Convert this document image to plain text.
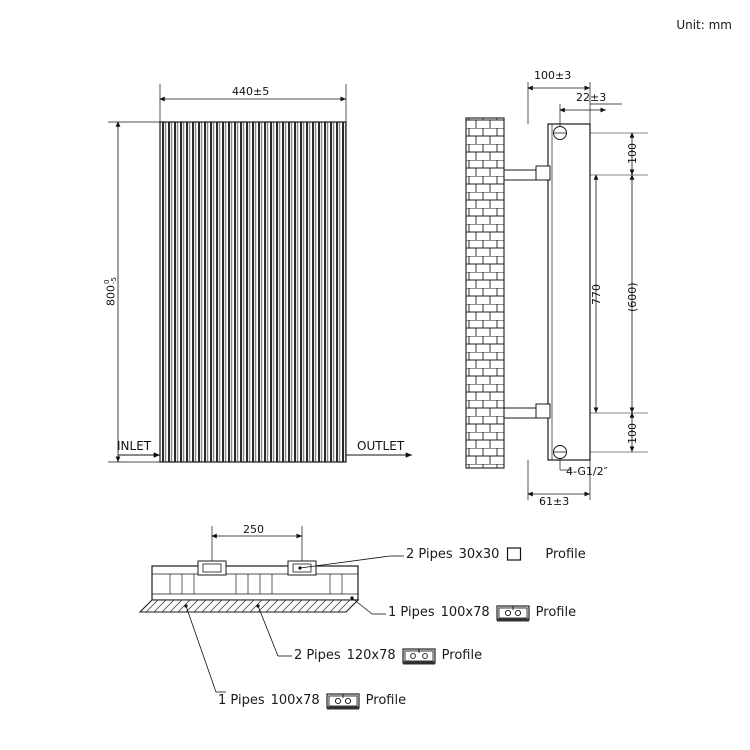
Unit: mm
440±5
800
0 -5
INLET	OUTLET
100±3
22±3
100
770 (600)
100
4-G1/2″
61±3
250
2 Pipes 30x30	Profile
1 Pipes 100x78	Profile
2 Pipes 120x78	Profile
1 Pipes 100x78	Profile
